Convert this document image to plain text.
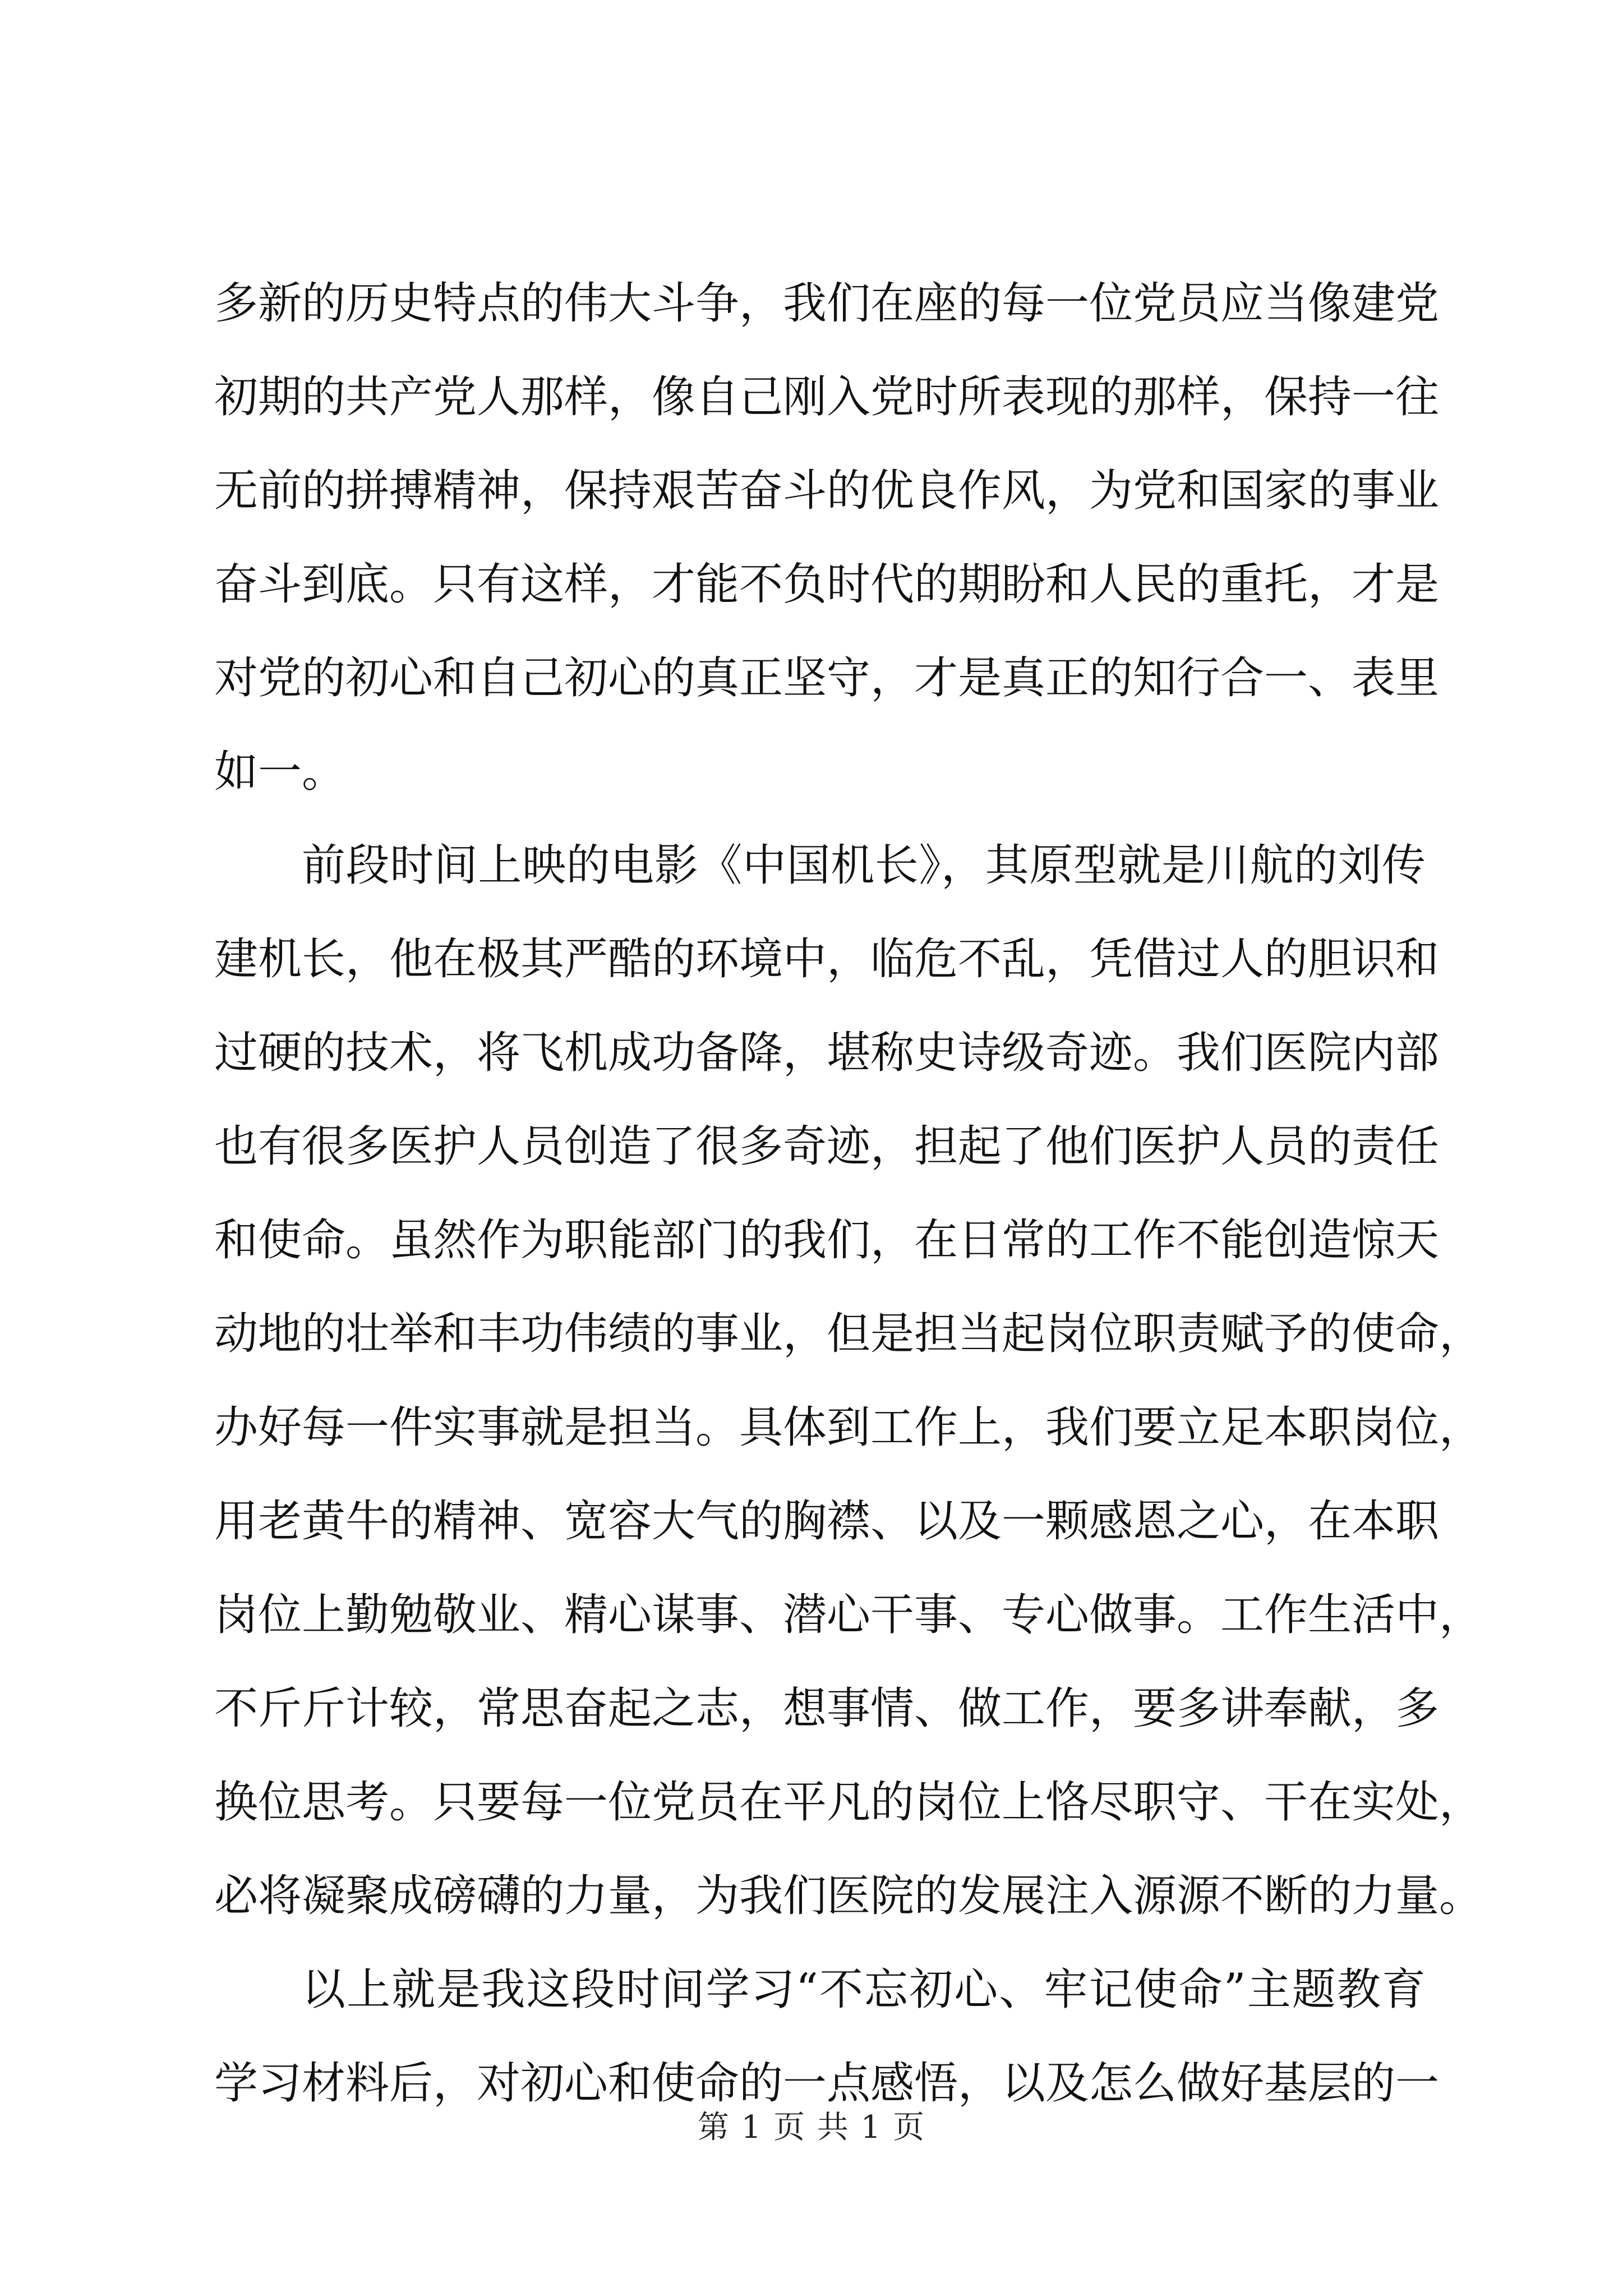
多新的历史特点的伟大斗争，我们在座的每一位党员应当像建党
初期的共产党人那样，像自己刚入党时所表现的那样，保持一往
无前的拼搏精神，保持艰苦奋斗的优良作风，为党和国家的事业
奋斗到底。只有这样，才能不负时代的期盼和人民的重托，才是
对党的初心和自己初心的真正坚守，才是真正的知行合一、表里
如一。
前段时间上映的电影《中国机长》，其原型就是川航的刘传
建机长，他在极其严酷的环境中，临危不乱，凭借过人的胆识和
过硬的技术，将飞机成功备降，堪称史诗级奇迹。我们医院内部
也有很多医护人员创造了很多奇迹，担起了他们医护人员的责任
和使命。虽然作为职能部门的我们，在日常的工作不能创造惊天
动地的壮举和丰功伟绩的事业，但是担当起岗位职责赋予的使命，
办好每一件实事就是担当。具体到工作上，我们要立足本职岗位，
用老黄牛的精神、宽容大气的胸襟、以及一颗感恩之心，在本职
岗位上勤勉敬业、精心谋事、潜心干事、专心做事。工作生活中，
不斤斤计较，常思奋起之志，想事情、做工作，要多讲奉献，多
换位思考。只要每一位党员在平凡的岗位上恪尽职守、干在实处，
必将凝聚成磅礴的力量，为我们医院的发展注入源源不断的力量。
以上就是我这段时间学习“不忘初心、牢记使命”主题教育
学习材料后，对初心和使命的一点感悟，以及怎么做好基层的一
第 1 页 共 1 页
